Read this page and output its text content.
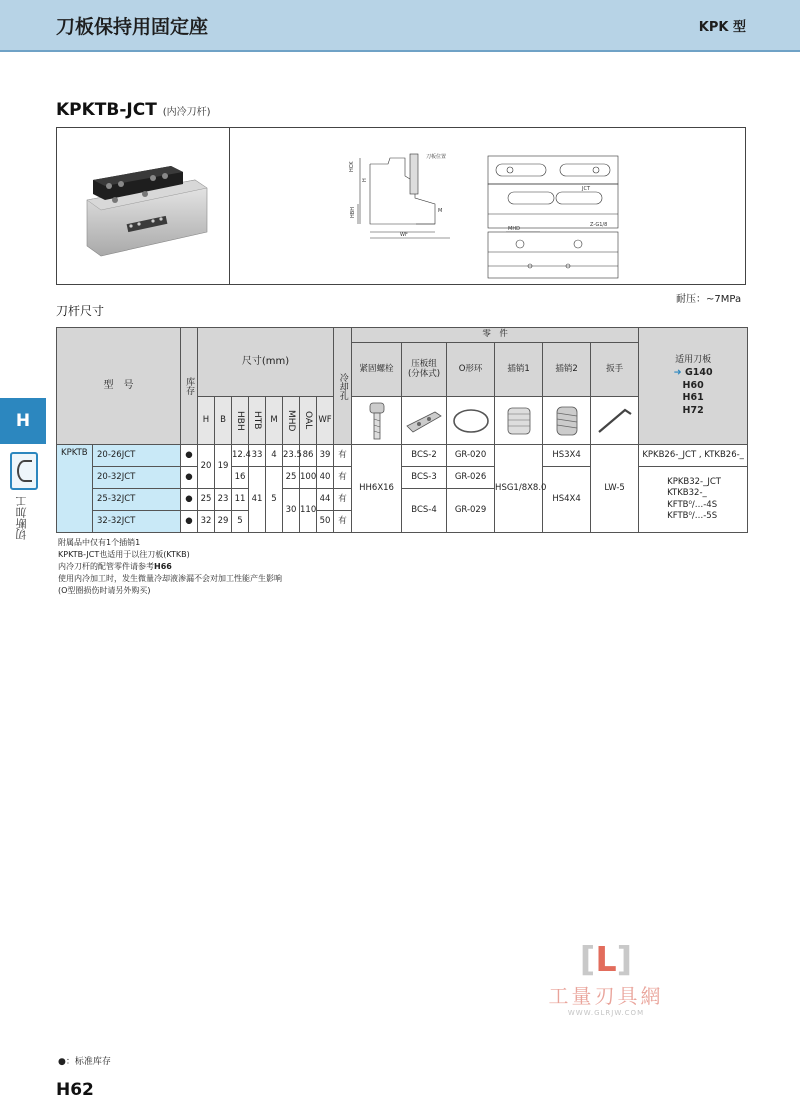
刀板保持用固定座	KPK 型
H
切断加工
KPKTB-JCT (内冷刀杆)
HCK
H
HBH	M
WF
刀板位置
MHD
JCT
Z-G1/8
耐压：~7MPa
刀杆尺寸
型　号		库存	尺寸(mm)								冷却孔	零　件						适用刀板
➜ G140
H60
H61
H72

												紧固螺栓	压板组
(分体式)	O形环	插销1	插销2	扳手	
			H	B	HBH	HTB	M	MHD	OAL	WF	

KPKTB	20-26JCT	●	20	19	12.4	33	4	23.5	86	39	有	HH6X16	BCS-2	GR-020	HSG1/8X8.0	HS3X4	LW-5	KPKB26-_JCT , KTKB26-_
	20-32JCT	●			16	41	5	25	100	40	有		BCS-3	GR-026		HS4X4		KPKB32-_JCT
KTKB32-_
KFTB⁰/…-4S
KFTB⁰/…-5S

	25-32JCT	●	25	23	11			30	110	44	有		BCS-4	GR-029				
	32-32JCT	●	32	29	5					50	有							
附属品中仅有1个插销1
KPKTB-JCT也适用于以往刀板(KTKB)
内冷刀杆的配管零件请参考H66
使用内冷加工时，发生微量冷却液渗漏不会对加工性能产生影响
(O型圈损伤时请另外购买)
[ᒪ]
工量刃具網
WWW.GLRJW.COM
●：标准库存
H62
